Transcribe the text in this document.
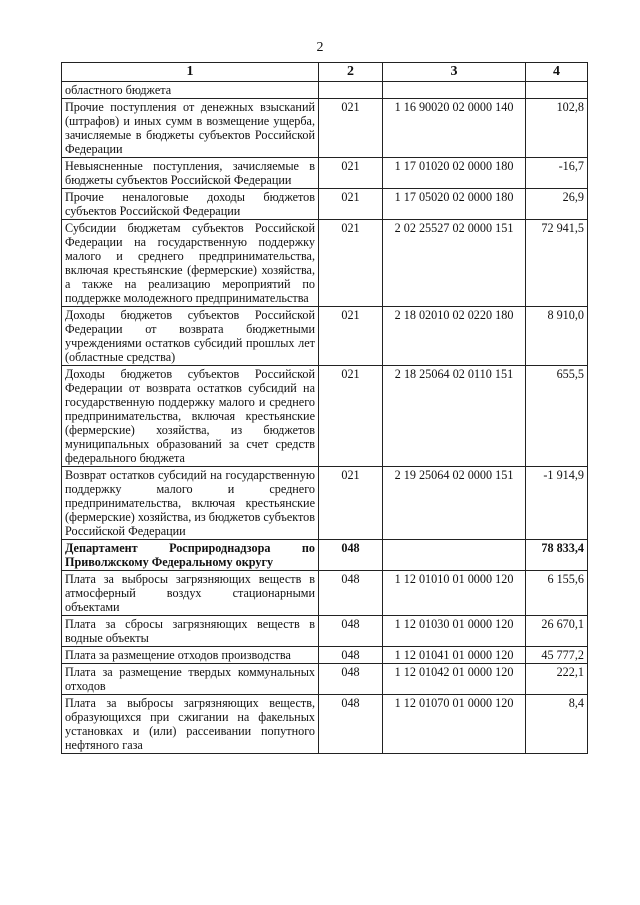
2
1	2	3	4
областного бюджета			
Прочие поступления от денежных взысканий (штрафов) и иных сумм в возмещение ущерба, зачисляемые в бюджеты субъектов Российской Федерации	021	1 16 90020 02 0000 140	102,8
Невыясненные поступления, зачисляемые в бюджеты субъектов Российской Федерации	021	1 17 01020 02 0000 180	-16,7
Прочие неналоговые доходы бюджетов субъектов Российской Федерации	021	1 17 05020 02 0000 180	26,9
Субсидии бюджетам субъектов Российской Федерации на государственную поддержку малого и среднего предпринимательства, включая крестьянские (фермерские) хозяйства, а также на реализацию мероприятий по поддержке молодежного предпринимательства	021	2 02 25527 02 0000 151	72 941,5
Доходы бюджетов субъектов Российской Федерации от возврата бюджетными учреждениями остатков субсидий прошлых лет (областные средства)	021	2 18 02010 02 0220 180	8 910,0
Доходы бюджетов субъектов Российской Федерации от возврата остатков субсидий на государственную поддержку малого и среднего предпринимательства, включая крестьянские (фермерские) хозяйства, из бюджетов муниципальных образований за счет средств федерального бюджета	021	2 18 25064 02 0110 151	655,5
Возврат остатков субсидий на государственную поддержку малого и среднего предпринимательства, включая крестьянские (фермерские) хозяйства, из бюджетов субъектов Российской Федерации	021	2 19 25064 02 0000 151	-1 914,9
Департамент Росприроднадзора по Приволжскому Федеральному округу	048		78 833,4
Плата за выбросы загрязняющих веществ в атмосферный воздух стационарными объектами	048	1 12 01010 01 0000 120	6 155,6
Плата за сбросы загрязняющих веществ в водные объекты	048	1 12 01030 01 0000 120	26 670,1
Плата за размещение отходов производства	048	1 12 01041 01 0000 120	45 777,2
Плата за размещение твердых коммунальных отходов	048	1 12 01042 01 0000 120	222,1
Плата за выбросы загрязняющих веществ, образующихся при сжигании на факельных установках и (или) рассеивании попутного нефтяного газа	048	1 12 01070 01 0000 120	8,4
